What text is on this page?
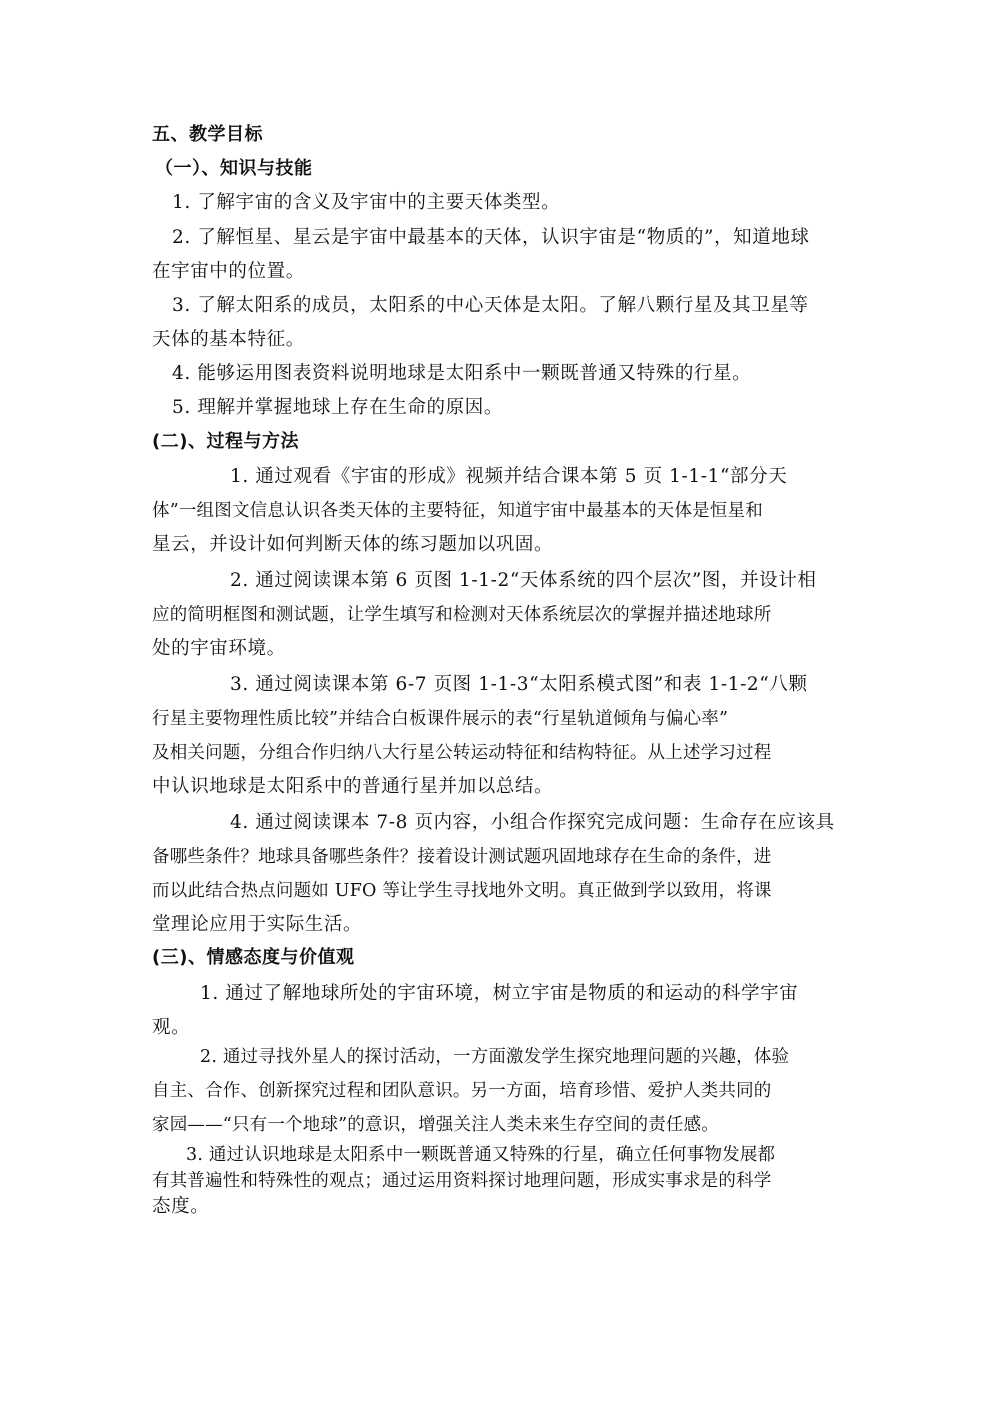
五、教学目标
（一）、知识与技能
1. 了解宇宙的含义及宇宙中的主要天体类型。
2. 了解恒星、星云是宇宙中最基本的天体，认识宇宙是“物质的”，知道地球
在宇宙中的位置。
3. 了解太阳系的成员，太阳系的中心天体是太阳。了解八颗行星及其卫星等
天体的基本特征。
4. 能够运用图表资料说明地球是太阳系中一颗既普通又特殊的行星。
5. 理解并掌握地球上存在生命的原因。
(二)、过程与方法
1. 通过观看《宇宙的形成》视频并结合课本第 5 页 1-1-1“部分天
体”一组图文信息认识各类天体的主要特征，知道宇宙中最基本的天体是恒星和
星云，并设计如何判断天体的练习题加以巩固。
2. 通过阅读课本第 6 页图 1-1-2“天体系统的四个层次”图，并设计相
应的简明框图和测试题，让学生填写和检测对天体系统层次的掌握并描述地球所
处的宇宙环境。
3. 通过阅读课本第 6-7 页图 1-1-3“太阳系模式图”和表 1-1-2“八颗
行星主要物理性质比较”并结合白板课件展示的表“行星轨道倾角与偏心率”
及相关问题，分组合作归纳八大行星公转运动特征和结构特征。从上述学习过程
中认识地球是太阳系中的普通行星并加以总结。
4. 通过阅读课本 7-8 页内容，小组合作探究完成问题：生命存在应该具
备哪些条件？地球具备哪些条件？接着设计测试题巩固地球存在生命的条件，进
而以此结合热点问题如 UFO 等让学生寻找地外文明。真正做到学以致用，将课
堂理论应用于实际生活。
(三)、情感态度与价值观
1. 通过了解地球所处的宇宙环境，树立宇宙是物质的和运动的科学宇宙
观。
2. 通过寻找外星人的探讨活动，一方面激发学生探究地理问题的兴趣，体验
自主、合作、创新探究过程和团队意识。另一方面，培育珍惜、爱护人类共同的
家园——“只有一个地球”的意识，增强关注人类未来生存空间的责任感。
3. 通过认识地球是太阳系中一颗既普通又特殊的行星，确立任何事物发展都
有其普遍性和特殊性的观点；通过运用资料探讨地理问题，形成实事求是的科学
态度。
